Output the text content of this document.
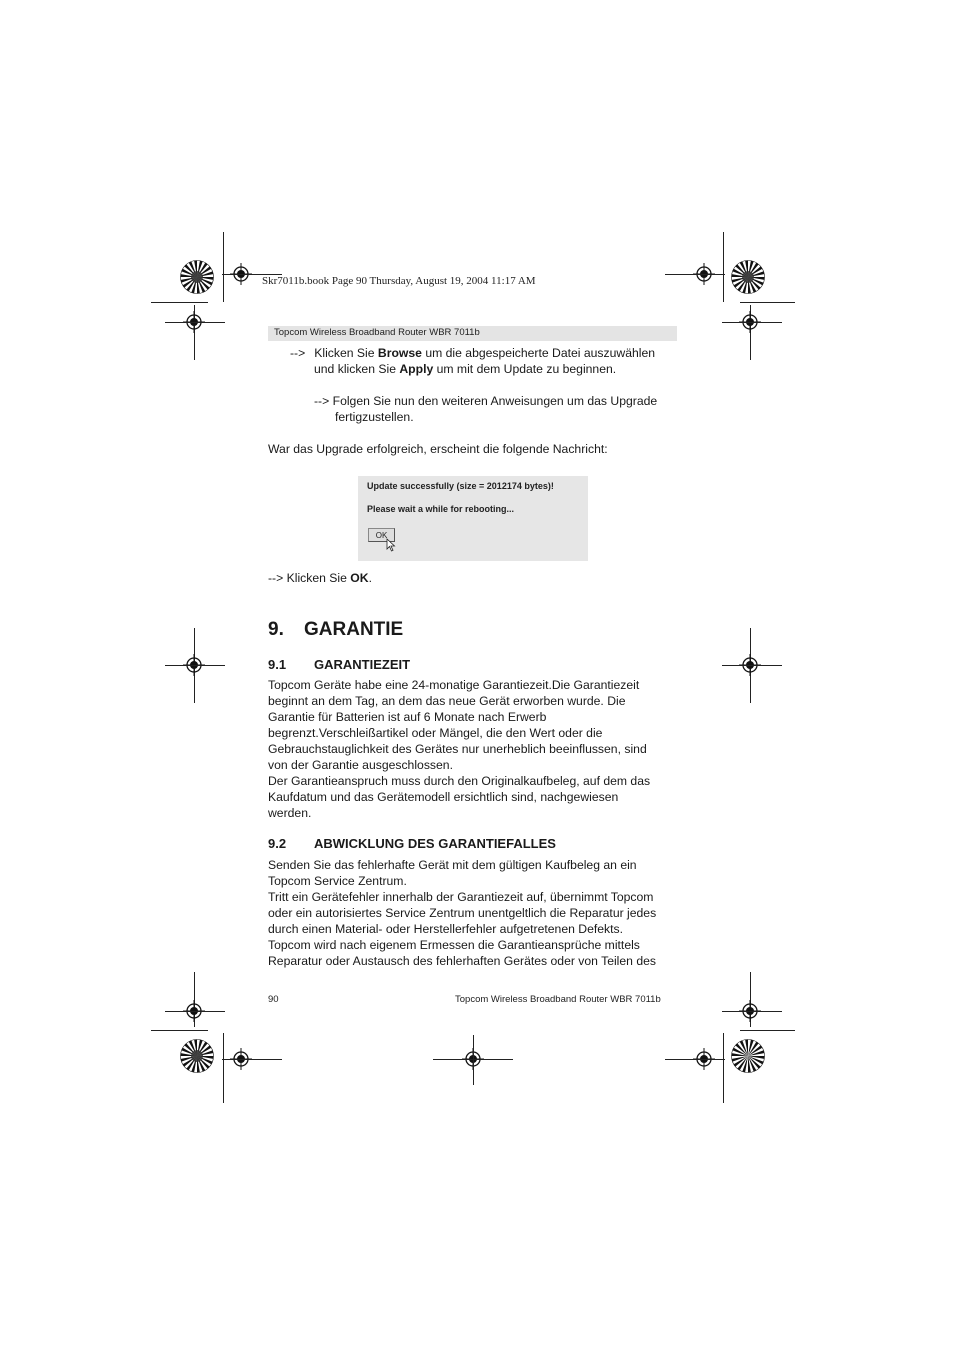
Skr7011b.book Page 90 Thursday, August 19, 2004 11:17 AM
Topcom Wireless Broadband Router WBR 7011b
--> Klicken Sie Browse um die abgespeicherte Datei auszuwählen
und klicken Sie Apply um mit dem Update zu beginnen.
--> Folgen Sie nun den weiteren Anweisungen um das Upgrade
fertigzustellen.
War das Upgrade erfolgreich, erscheint die folgende Nachricht:
Update successfully (size = 2012174 bytes)!
Please wait a while for rebooting...
OK
--> Klicken Sie OK.
9. GARANTIE
9.1 GARANTIEZEIT
Topcom Geräte habe eine 24-monatige Garantiezeit.Die Garantiezeit
beginnt an dem Tag, an dem das neue Gerät erworben wurde. Die
Garantie für Batterien ist auf 6 Monate nach Erwerb
begrenzt.Verschleißartikel oder Mängel, die den Wert oder die
Gebrauchstauglichkeit des Gerätes nur unerheblich beeinflussen, sind
von der Garantie ausgeschlossen.
Der Garantieanspruch muss durch den Originalkaufbeleg, auf dem das
Kaufdatum und das Gerätemodell ersichtlich sind, nachgewiesen
werden.
9.2 ABWICKLUNG DES GARANTIEFALLES
Senden Sie das fehlerhafte Gerät mit dem gültigen Kaufbeleg an ein
Topcom Service Zentrum.
Tritt ein Gerätefehler innerhalb der Garantiezeit auf, übernimmt Topcom
oder ein autorisiertes Service Zentrum unentgeltlich die Reparatur jedes
durch einen Material- oder Herstellerfehler aufgetretenen Defekts.
Topcom wird nach eigenem Ermessen die Garantieansprüche mittels
Reparatur oder Austausch des fehlerhaften Gerätes oder von Teilen des
90	Topcom Wireless Broadband Router WBR 7011b
